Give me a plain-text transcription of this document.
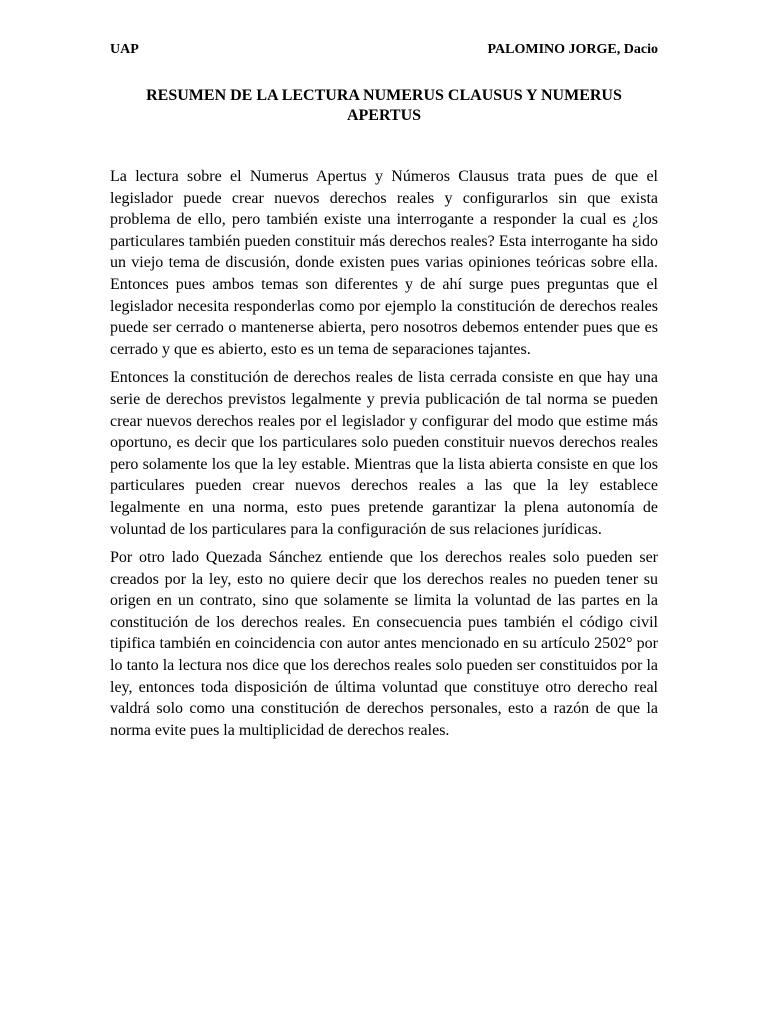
UAP	PALOMINO JORGE, Dacio
RESUMEN DE LA LECTURA NUMERUS CLAUSUS Y NUMERUS APERTUS

La lectura sobre el Numerus Apertus y Números Clausus trata pues de que el legislador puede crear nuevos derechos reales y configurarlos sin que exista problema de ello, pero también existe una interrogante a responder la cual es ¿los particulares también pueden constituir más derechos reales? Esta interrogante ha sido un viejo tema de discusión, donde existen pues varias opiniones teóricas sobre ella. Entonces pues ambos temas son diferentes y de ahí surge pues preguntas que el legislador necesita responderlas como por ejemplo la constitución de derechos reales puede ser cerrado o mantenerse abierta, pero nosotros debemos entender pues que es cerrado y que es abierto, esto es un tema de separaciones tajantes.

Entonces la constitución de derechos reales de lista cerrada consiste en que hay una serie de derechos previstos legalmente y previa publicación de tal norma se pueden crear nuevos derechos reales por el legislador y configurar del modo que estime más oportuno, es decir que los particulares solo pueden constituir nuevos derechos reales pero solamente los que la ley estable. Mientras que la lista abierta consiste en que los particulares pueden crear nuevos derechos reales a las que la ley establece legalmente en una norma, esto pues pretende garantizar la plena autonomía de voluntad de los particulares para la configuración de sus relaciones jurídicas.

Por otro lado Quezada Sánchez entiende que los derechos reales solo pueden ser creados por la ley, esto no quiere decir que los derechos reales no pueden tener su origen en un contrato, sino que solamente se limita la voluntad de las partes en la constitución de los derechos reales. En consecuencia pues también el código civil tipifica también en coincidencia con autor antes mencionado en su artículo 2502° por lo tanto la lectura nos dice que los derechos reales solo pueden ser constituidos por la ley, entonces toda disposición de última voluntad que constituye otro derecho real valdrá solo como una constitución de derechos personales, esto a razón de que la norma evite pues la multiplicidad de derechos reales.
